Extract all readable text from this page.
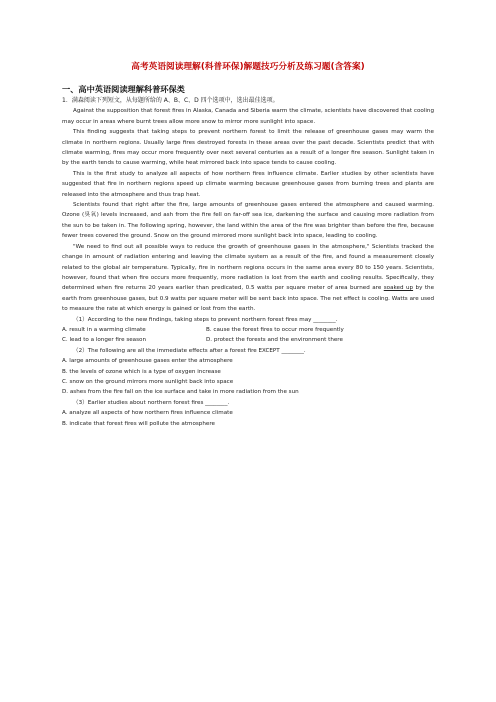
高考英语阅读理解(科普环保)解题技巧分析及练习题(含答案)
一、高中英语阅读理解科普环保类

1．满森阅读下列短文，从每题所给的 A、B、C、D 四个选项中，选出最佳选项。

Against the supposition that forest fires in Alaska, Canada and Siberia warm the climate, scientists have discovered that cooling may occur in areas where burnt trees allow more snow to mirror more sunlight into space.

This finding suggests that taking steps to prevent northern forest to limit the release of greenhouse gases may warm the climate in northern regions. Usually large fires destroyed forests in these areas over the past decade. Scientists predict that with climate warming, fires may occur more frequently over next several centuries as a result of a longer fire season. Sunlight taken in by the earth tends to cause warming, while heat mirrored back into space tends to cause cooling.

This is the first study to analyze all aspects of how northern fires influence climate. Earlier studies by other scientists have suggested that fire in northern regions speed up climate warming because greenhouse gases from burning trees and plants are released into the atmosphere and thus trap heat.

Scientists found that right after the fire, large amounts of greenhouse gases entered the atmosphere and caused warming. Ozone (臭氧) levels increased, and ash from the fire fell on far-off sea ice, darkening the surface and causing more radiation from the sun to be taken in. The following spring, however, the land within the area of the fire was brighter than before the fire, because fewer trees covered the ground. Snow on the ground mirrored more sunlight back into space, leading to cooling.

"We need to find out all possible ways to reduce the growth of greenhouse gases in the atmosphere," Scientists tracked the change in amount of radiation entering and leaving the climate system as a result of the fire, and found a measurement closely related to the global air temperature. Typically, fire in northern regions occurs in the same area every 80 to 150 years. Scientists, however, found that when fire occurs more frequently, more radiation is lost from the earth and cooling results. Specifically, they determined when fire returns 20 years earlier than predicated, 0.5 watts per square meter of area burned are soaked up by the earth from greenhouse gases, but 0.9 watts per square meter will be sent back into space. The net effect is cooling. Watts are used to measure the rate at which energy is gained or lost from the earth.

（1）According to the new findings, taking steps to prevent northern forest fires may ________.

A. result in a warming climate	B. cause the forest fires to occur more frequently
C. lead to a longer fire season	D. protect the forests and the environment there

（2）The following are all the immediate effects after a forest fire EXCEPT ________.

A. large amounts of greenhouse gases enter the atmosphere

B. the levels of ozone which is a type of oxygen increase

C. snow on the ground mirrors more sunlight back into space

D. ashes from the fire fall on the ice surface and take in more radiation from the sun

（3）Earlier studies about northern forest fires ________.

A. analyze all aspects of how northern fires influence climate

B. indicate that forest fires will pollute the atmosphere
